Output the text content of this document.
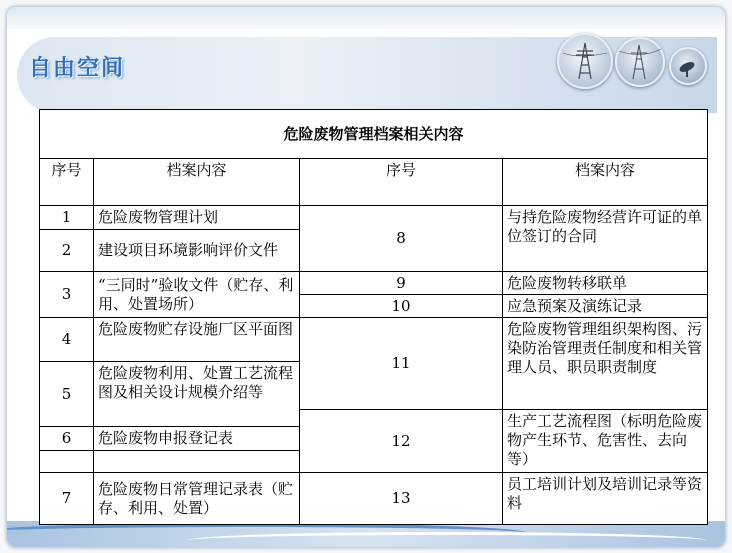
自由空间
危险废物管理档案相关内容			
序号	档案内容	序号	档案内容
1	危险废物管理计划	8	与持危险废物经营许可证的单位签订的合同
2	建设项目环境影响评价文件		
3	“三同时”验收文件（贮存、利用、处置场所）	9	危险废物转移联单
		10	应急预案及演练记录
4	危险废物贮存设施厂区平面图	11	危险废物管理组织架构图、污染防治管理责任制度和相关管理人员、职员职责制度
5	危险废物利用、处置工艺流程图及相关设计规模介绍等		
		12	生产工艺流程图（标明危险废物产生环节、危害性、去向等）
6	危险废物申报登记表		

7	危险废物日常管理记录表（贮存、利用、处置）	13	员工培训计划及培训记录等资料
